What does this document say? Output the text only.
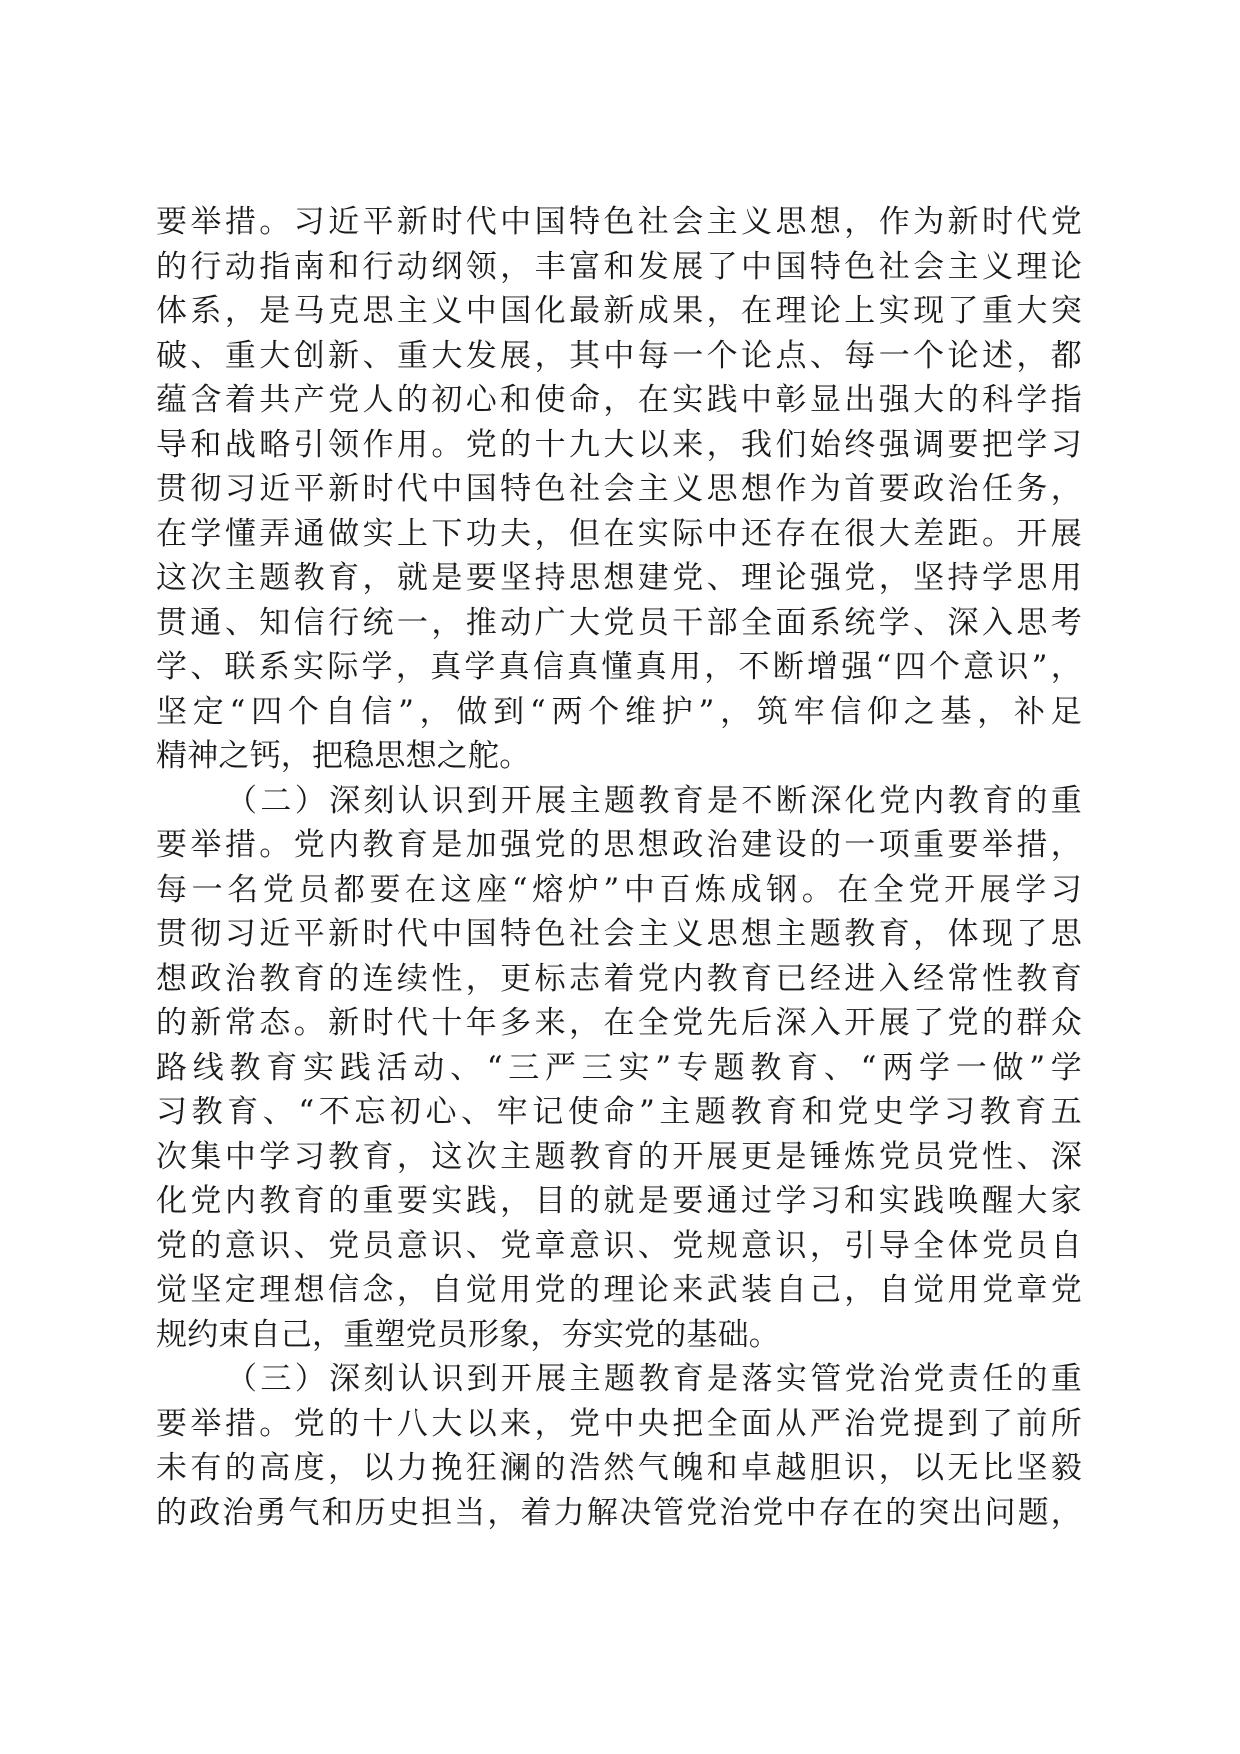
要举措。习近平新时代中国特色社会主义思想，作为新时代党
的行动指南和行动纲领，丰富和发展了中国特色社会主义理论
体系，是马克思主义中国化最新成果，在理论上实现了重大突
破、重大创新、重大发展，其中每一个论点、每一个论述，都
蕴含着共产党人的初心和使命，在实践中彰显出强大的科学指
导和战略引领作用。党的十九大以来，我们始终强调要把学习
贯彻习近平新时代中国特色社会主义思想作为首要政治任务，
在学懂弄通做实上下功夫，但在实际中还存在很大差距。开展
这次主题教育，就是要坚持思想建党、理论强党，坚持学思用
贯通、知信行统一，推动广大党员干部全面系统学、深入思考
学、联系实际学，真学真信真懂真用，不断增强“四个意识”，
坚定“四个自信”，做到“两个维护”，筑牢信仰之基，补足
精神之钙，把稳思想之舵。
（二）深刻认识到开展主题教育是不断深化党内教育的重
要举措。党内教育是加强党的思想政治建设的一项重要举措，
每一名党员都要在这座“熔炉”中百炼成钢。在全党开展学习
贯彻习近平新时代中国特色社会主义思想主题教育，体现了思
想政治教育的连续性，更标志着党内教育已经进入经常性教育
的新常态。新时代十年多来，在全党先后深入开展了党的群众
路线教育实践活动、“三严三实”专题教育、“两学一做”学
习教育、“不忘初心、牢记使命”主题教育和党史学习教育五
次集中学习教育，这次主题教育的开展更是锤炼党员党性、深
化党内教育的重要实践，目的就是要通过学习和实践唤醒大家
党的意识、党员意识、党章意识、党规意识，引导全体党员自
觉坚定理想信念，自觉用党的理论来武装自己，自觉用党章党
规约束自己，重塑党员形象，夯实党的基础。
（三）深刻认识到开展主题教育是落实管党治党责任的重
要举措。党的十八大以来，党中央把全面从严治党提到了前所
未有的高度，以力挽狂澜的浩然气魄和卓越胆识，以无比坚毅
的政治勇气和历史担当，着力解决管党治党中存在的突出问题，
